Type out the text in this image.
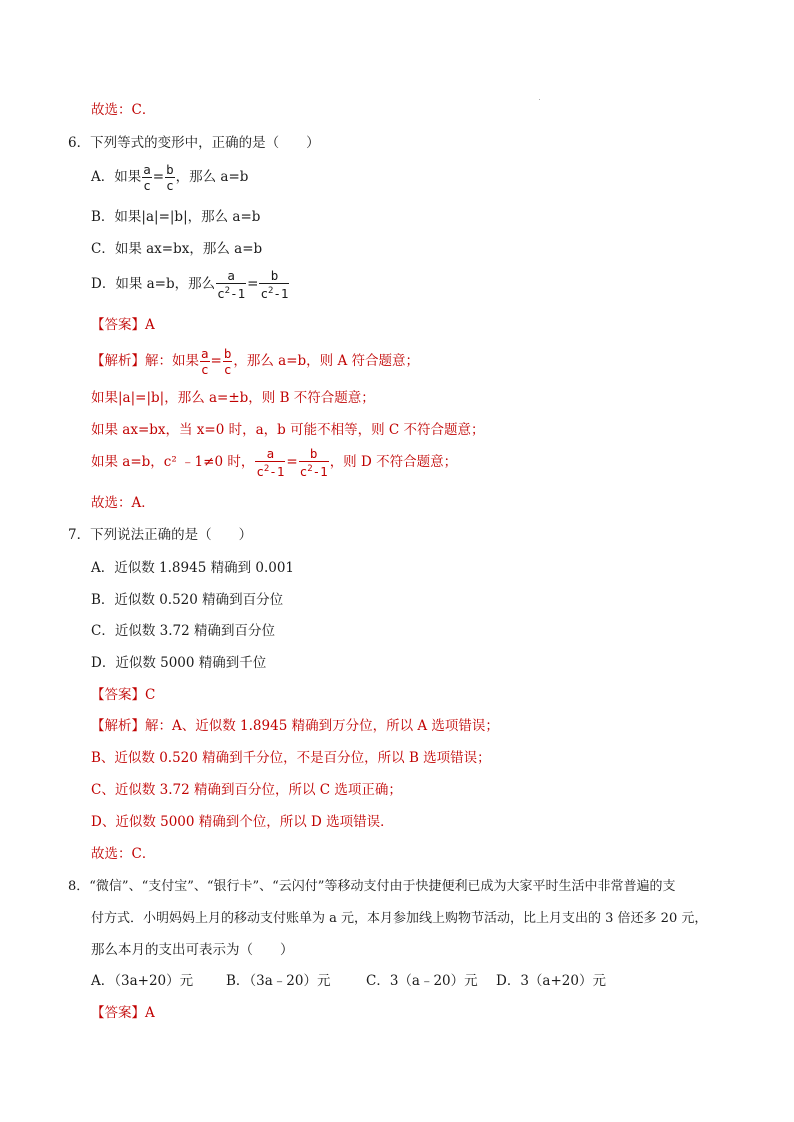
故选：C．
6．下列等式的变形中，正确的是（　　）
A．如果 $\frac{a}{c} = \frac{b}{c}$ ，那么 a=b
B．如果|a|=|b|，那么 a=b
C．如果 ax=bx，那么 a=b
D．如果 a=b，那么 $\frac{a}{c^2-1} = \frac{b}{c^2-1}$
【答案】A
【解析】解：如果 $\frac{a}{c} = \frac{b}{c}$ ，那么 a=b，则 A 符合题意；
如果|a|=|b|，那么 a=±b，则 B 不符合题意；
如果 ax=bx，当 x=0 时，a，b 可能不相等，则 C 不符合题意；
如果 a=b，c² ﹣1≠0 时， $\frac{a}{c^2-1} = \frac{b}{c^2-1}$ ，则 D 不符合题意；
故选：A．
7．下列说法正确的是（　　）
A．近似数 1.8945 精确到 0.001
B．近似数 0.520 精确到百分位
C．近似数 3.72 精确到百分位
D．近似数 5000 精确到千位
【答案】C
【解析】解：A、近似数 1.8945 精确到万分位，所以 A 选项错误；
B、近似数 0.520 精确到千分位，不是百分位，所以 B 选项错误；
C、近似数 3.72 精确到百分位，所以 C 选项正确；
D、近似数 5000 精确到个位，所以 D 选项错误．
故选：C．
8．“微信”、“支付宝”、“银行卡”、“云闪付”等移动支付由于快捷便利已成为大家平时生活中非常普遍的支
付方式．小明妈妈上月的移动支付账单为 a 元，本月参加线上购物节活动，比上月支出的 3 倍还多 20 元，
那么本月的支出可表示为（　　）
A．（3a+20）元 B．（3a﹣20）元	C．3（a﹣20）元 D．3（a+20）元
【答案】A
